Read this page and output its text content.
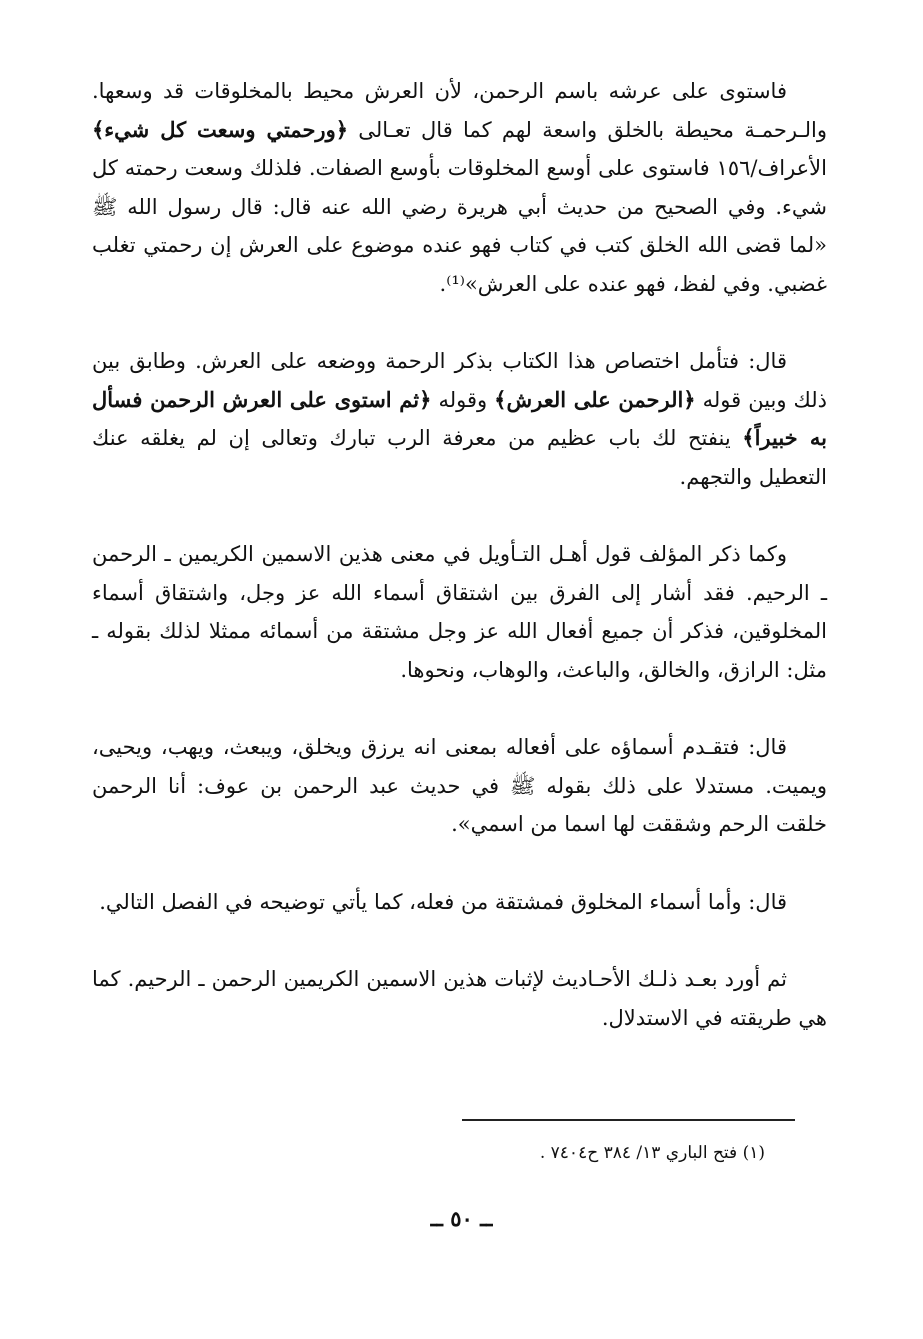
فاستوى على عرشه باسم الرحمن، لأن العرش محيط بالمخلوقات قد وسعها. والـرحمـة محيطة بالخلق واسعة لهم كما قال تعـالى ﴿ورحمتي وسعت كل شيء﴾ الأعراف/١٥٦ فاستوى على أوسع المخلوقات بأوسع الصفات. فلذلك وسعت رحمته كل شيء. وفي الصحيح من حديث أبي هريرة رضي الله عنه قال: قال رسول الله ﷺ «لما قضى الله الخلق كتب في كتاب فهو عنده موضوع على العرش إن رحمتي تغلب غضبي. وفي لفظ، فهو عنده على العرش»⁽¹⁾.

قال: فتأمل اختصاص هذا الكتاب بذكر الرحمة ووضعه على العرش. وطابق بين ذلك وبين قوله ﴿الرحمن على العرش﴾ وقوله ﴿ثم استوى على العرش الرحمن فسأل به خبيراً﴾ ينفتح لك باب عظيم من معرفة الرب تبارك وتعالى إن لم يغلقه عنك التعطيل والتجهم.

وكما ذكر المؤلف قول أهـل التـأويل في معنى هذين الاسمين الكريمين ـ الرحمن ـ الرحيم. فقد أشار إلى الفرق بين اشتقاق أسماء الله عز وجل، واشتقاق أسماء المخلوقين، فذكر أن جميع أفعال الله عز وجل مشتقة من أسمائه ممثلا لذلك بقوله ـ مثل: الرازق، والخالق، والباعث، والوهاب، ونحوها.

قال: فتقـدم أسماؤه على أفعاله بمعنى انه يرزق ويخلق، ويبعث، ويهب، ويحيى، ويميت. مستدلا على ذلك بقوله ﷺ في حديث عبد الرحمن بن عوف: أنا الرحمن خلقت الرحم وشققت لها اسما من اسمي».

قال: وأما أسماء المخلوق فمشتقة من فعله، كما يأتي توضيحه في الفصل التالي.

ثم أورد بعـد ذلـك الأحـاديث لإثبات هذين الاسمين الكريمين الرحمن ـ الرحيم. كما هي طريقته في الاستدلال.

(١) فتح الباري ١٣/ ٣٨٤ ح٧٤٠٤ .
ــ ٥٠ ــ
